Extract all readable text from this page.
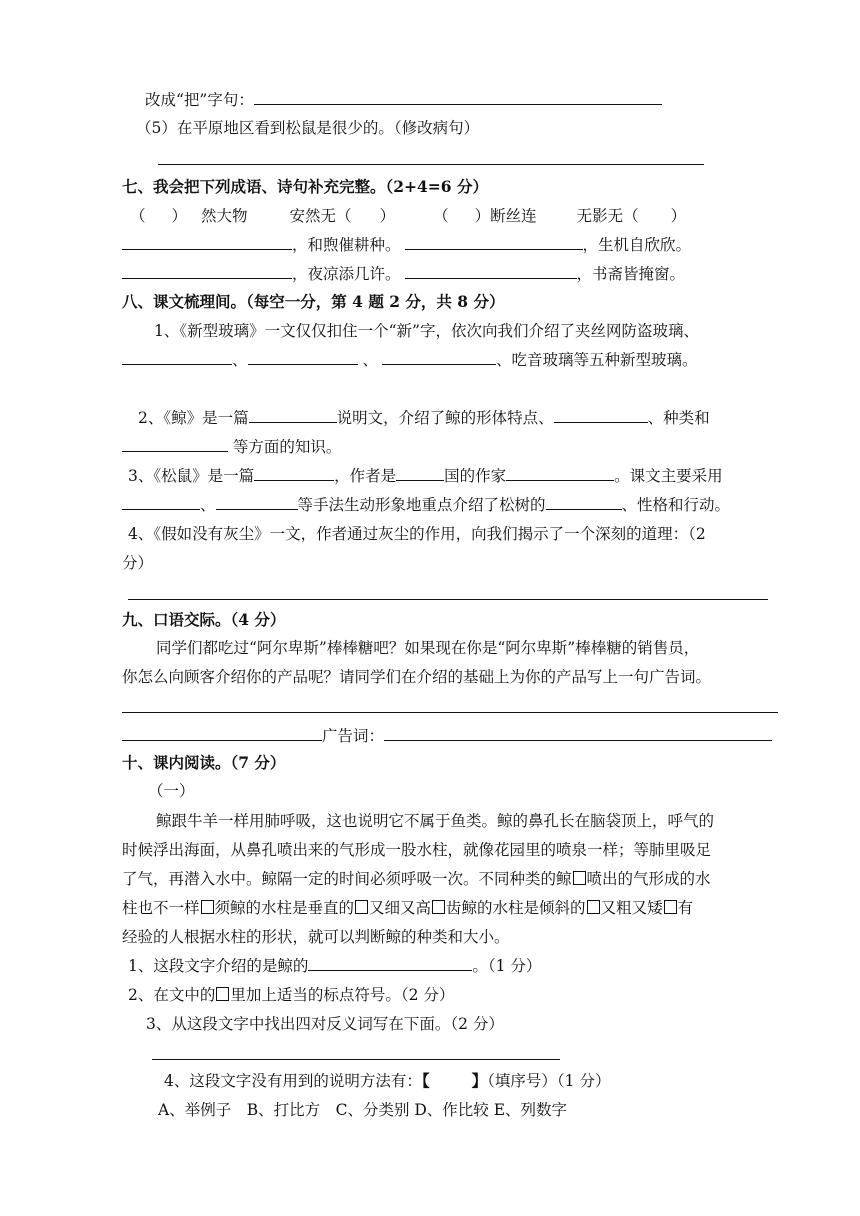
改成“把”字句：
（5）在平原地区看到松鼠是很少的。（修改病句）
七、我会把下列成语、诗句补充完整。（2+4=6 分）
（ ） 然大物	安然无（ ） （ ）断丝连	无影无（ ）
，和煦催耕种。	，生机自欣欣。
，夜凉添几许。	，书斋皆掩窗。
八、课文梳理间。（每空一分，第 4 题 2 分，共 8 分）
1、《新型玻璃》一文仅仅扣住一个“新”字，依次向我们介绍了夹丝网防盗玻璃、
、	、	、吃音玻璃等五种新型玻璃。
2、《鲸》是一篇	说明文，介绍了鲸的形体特点、	、种类和
等方面的知识。
3、《松鼠》是一篇	，作者是	国的作家	。课文主要采用
、	等手法生动形象地重点介绍了松树的	、性格和行动。
4、《假如没有灰尘》一文，作者通过灰尘的作用，向我们揭示了一个深刻的道理：（2
分）
九、口语交际。（4 分）
同学们都吃过“阿尔卑斯”棒棒糖吧？如果现在你是“阿尔卑斯”棒棒糖的销售员，
你怎么向顾客介绍你的产品呢？请同学们在介绍的基础上为你的产品写上一句广告词。
广告词：
十、课内阅读。（7 分）
（一）
鲸跟牛羊一样用肺呼吸，这也说明它不属于鱼类。鲸的鼻孔长在脑袋顶上，呼气的
时候浮出海面，从鼻孔喷出来的气形成一股水柱，就像花园里的喷泉一样；等肺里吸足
了气，再潜入水中。鲸隔一定的时间必须呼吸一次。不同种类的鲸 喷出的气形成的水
柱也不一样 须鲸的水柱是垂直的 又细又高 齿鲸的水柱是倾斜的 又粗又矮 有
经验的人根据水柱的形状，就可以判断鲸的种类和大小。
1、这段文字介绍的是鲸的	。（1 分）
2、在文中的 里加上适当的标点符号。（2 分）
3、从这段文字中找出四对反义词写在下面。（2 分）
4、这段文字没有用到的说明方法有：【	】（填序号）（1 分）
A、举例子　B、打比方　C、分类别 D、作比较 E、列数字
